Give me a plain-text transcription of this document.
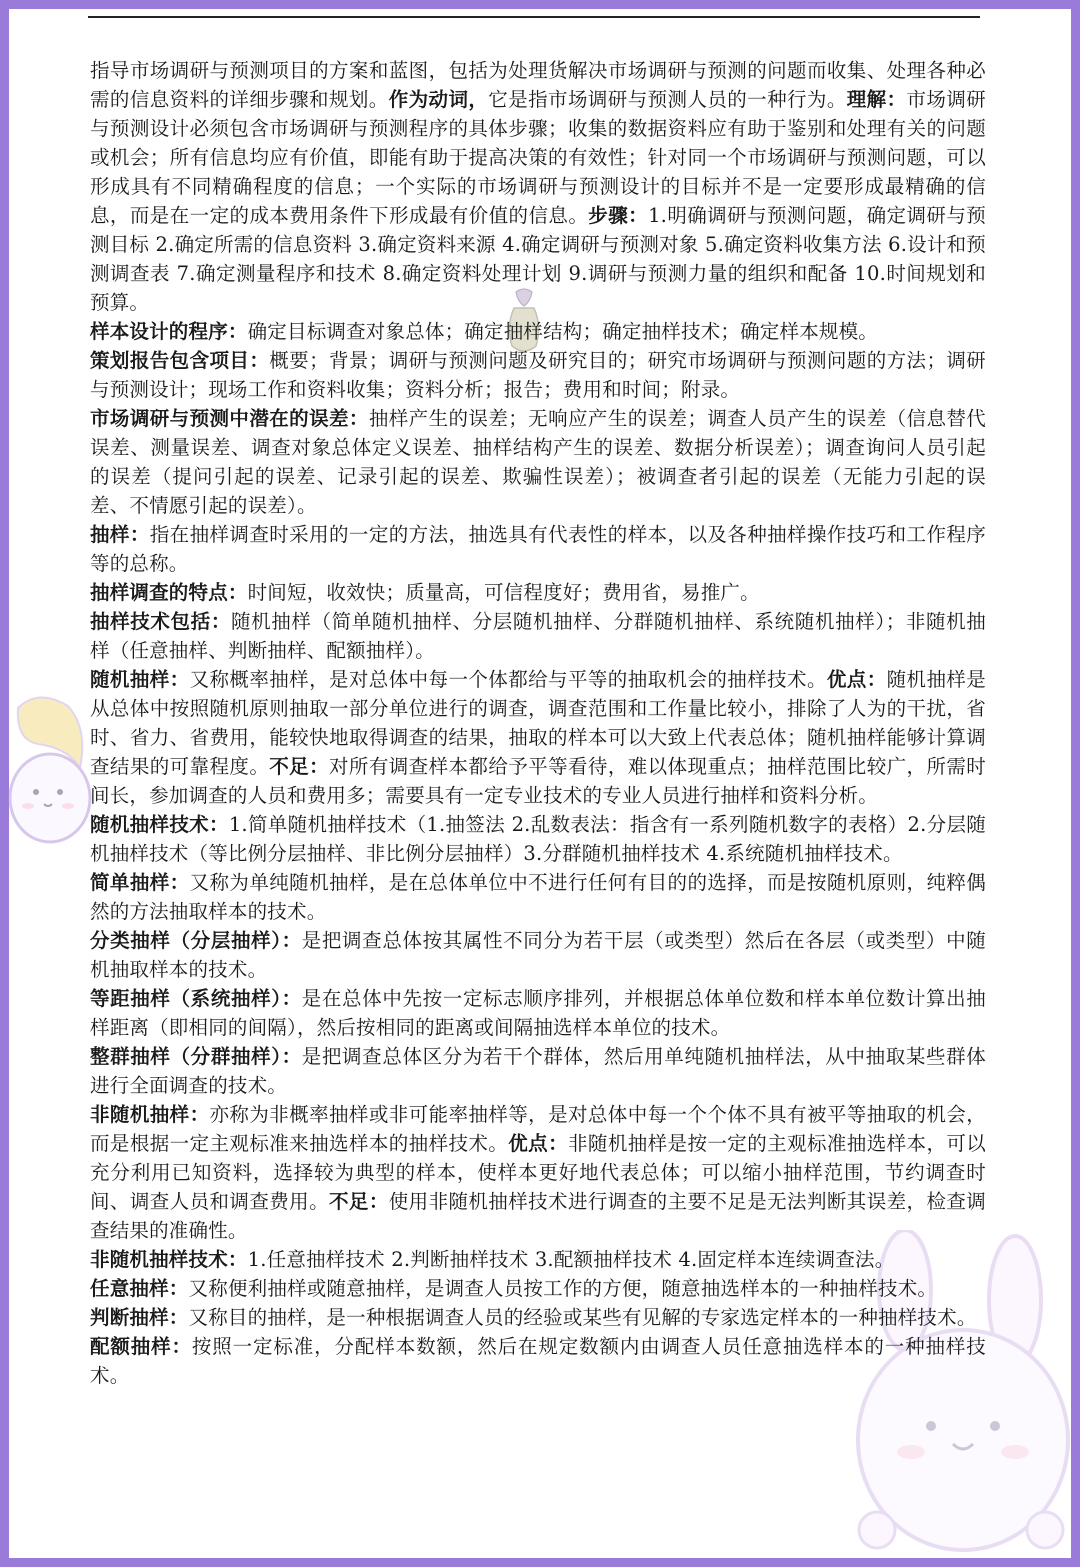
指导市场调研与预测项目的方案和蓝图，包括为处理货解决市场调研与预测的问题而收集、处理各种必需的信息资料的详细步骤和规划。作为动词，它是指市场调研与预测人员的一种行为。理解：市场调研与预测设计必须包含市场调研与预测程序的具体步骤；收集的数据资料应有助于鉴别和处理有关的问题或机会；所有信息均应有价值，即能有助于提高决策的有效性；针对同一个市场调研与预测问题，可以形成具有不同精确程度的信息；一个实际的市场调研与预测设计的目标并不是一定要形成最精确的信息，而是在一定的成本费用条件下形成最有价值的信息。步骤：1.明确调研与预测问题，确定调研与预测目标 2.确定所需的信息资料 3.确定资料来源 4.确定调研与预测对象 5.确定资料收集方法 6.设计和预测调查表 7.确定测量程序和技术 8.确定资料处理计划 9.调研与预测力量的组织和配备 10.时间规划和预算。

样本设计的程序：确定目标调查对象总体；确定抽样结构；确定抽样技术；确定样本规模。

策划报告包含项目：概要；背景；调研与预测问题及研究目的；研究市场调研与预测问题的方法；调研与预测设计；现场工作和资料收集；资料分析；报告；费用和时间；附录。

市场调研与预测中潜在的误差：抽样产生的误差；无响应产生的误差；调查人员产生的误差（信息替代误差、测量误差、调查对象总体定义误差、抽样结构产生的误差、数据分析误差）；调查询问人员引起的误差（提问引起的误差、记录引起的误差、欺骗性误差）；被调查者引起的误差（无能力引起的误差、不情愿引起的误差）。

抽样：指在抽样调查时采用的一定的方法，抽选具有代表性的样本，以及各种抽样操作技巧和工作程序等的总称。

抽样调查的特点：时间短，收效快；质量高，可信程度好；费用省，易推广。

抽样技术包括：随机抽样（简单随机抽样、分层随机抽样、分群随机抽样、系统随机抽样）；非随机抽样（任意抽样、判断抽样、配额抽样）。

随机抽样：又称概率抽样，是对总体中每一个体都给与平等的抽取机会的抽样技术。优点：随机抽样是从总体中按照随机原则抽取一部分单位进行的调查，调查范围和工作量比较小，排除了人为的干扰，省时、省力、省费用，能较快地取得调查的结果，抽取的样本可以大致上代表总体；随机抽样能够计算调查结果的可靠程度。不足：对所有调查样本都给予平等看待，难以体现重点；抽样范围比较广，所需时间长，参加调查的人员和费用多；需要具有一定专业技术的专业人员进行抽样和资料分析。

随机抽样技术：1.简单随机抽样技术（1.抽签法 2.乱数表法：指含有一系列随机数字的表格）2.分层随机抽样技术（等比例分层抽样、非比例分层抽样）3.分群随机抽样技术 4.系统随机抽样技术。

简单抽样：又称为单纯随机抽样，是在总体单位中不进行任何有目的的选择，而是按随机原则，纯粹偶然的方法抽取样本的技术。

分类抽样（分层抽样）：是把调查总体按其属性不同分为若干层（或类型）然后在各层（或类型）中随机抽取样本的技术。

等距抽样（系统抽样）：是在总体中先按一定标志顺序排列，并根据总体单位数和样本单位数计算出抽样距离（即相同的间隔），然后按相同的距离或间隔抽选样本单位的技术。

整群抽样（分群抽样）：是把调查总体区分为若干个群体，然后用单纯随机抽样法，从中抽取某些群体进行全面调查的技术。

非随机抽样：亦称为非概率抽样或非可能率抽样等，是对总体中每一个个体不具有被平等抽取的机会，而是根据一定主观标准来抽选样本的抽样技术。优点：非随机抽样是按一定的主观标准抽选样本，可以充分利用已知资料，选择较为典型的样本，使样本更好地代表总体；可以缩小抽样范围，节约调查时间、调查人员和调查费用。不足：使用非随机抽样技术进行调查的主要不足是无法判断其误差，检查调查结果的准确性。

非随机抽样技术：1.任意抽样技术 2.判断抽样技术 3.配额抽样技术 4.固定样本连续调查法。

任意抽样：又称便利抽样或随意抽样，是调查人员按工作的方便，随意抽选样本的一种抽样技术。

判断抽样：又称目的抽样，是一种根据调查人员的经验或某些有见解的专家选定样本的一种抽样技术。

配额抽样：按照一定标准，分配样本数额，然后在规定数额内由调查人员任意抽选样本的一种抽样技术。
